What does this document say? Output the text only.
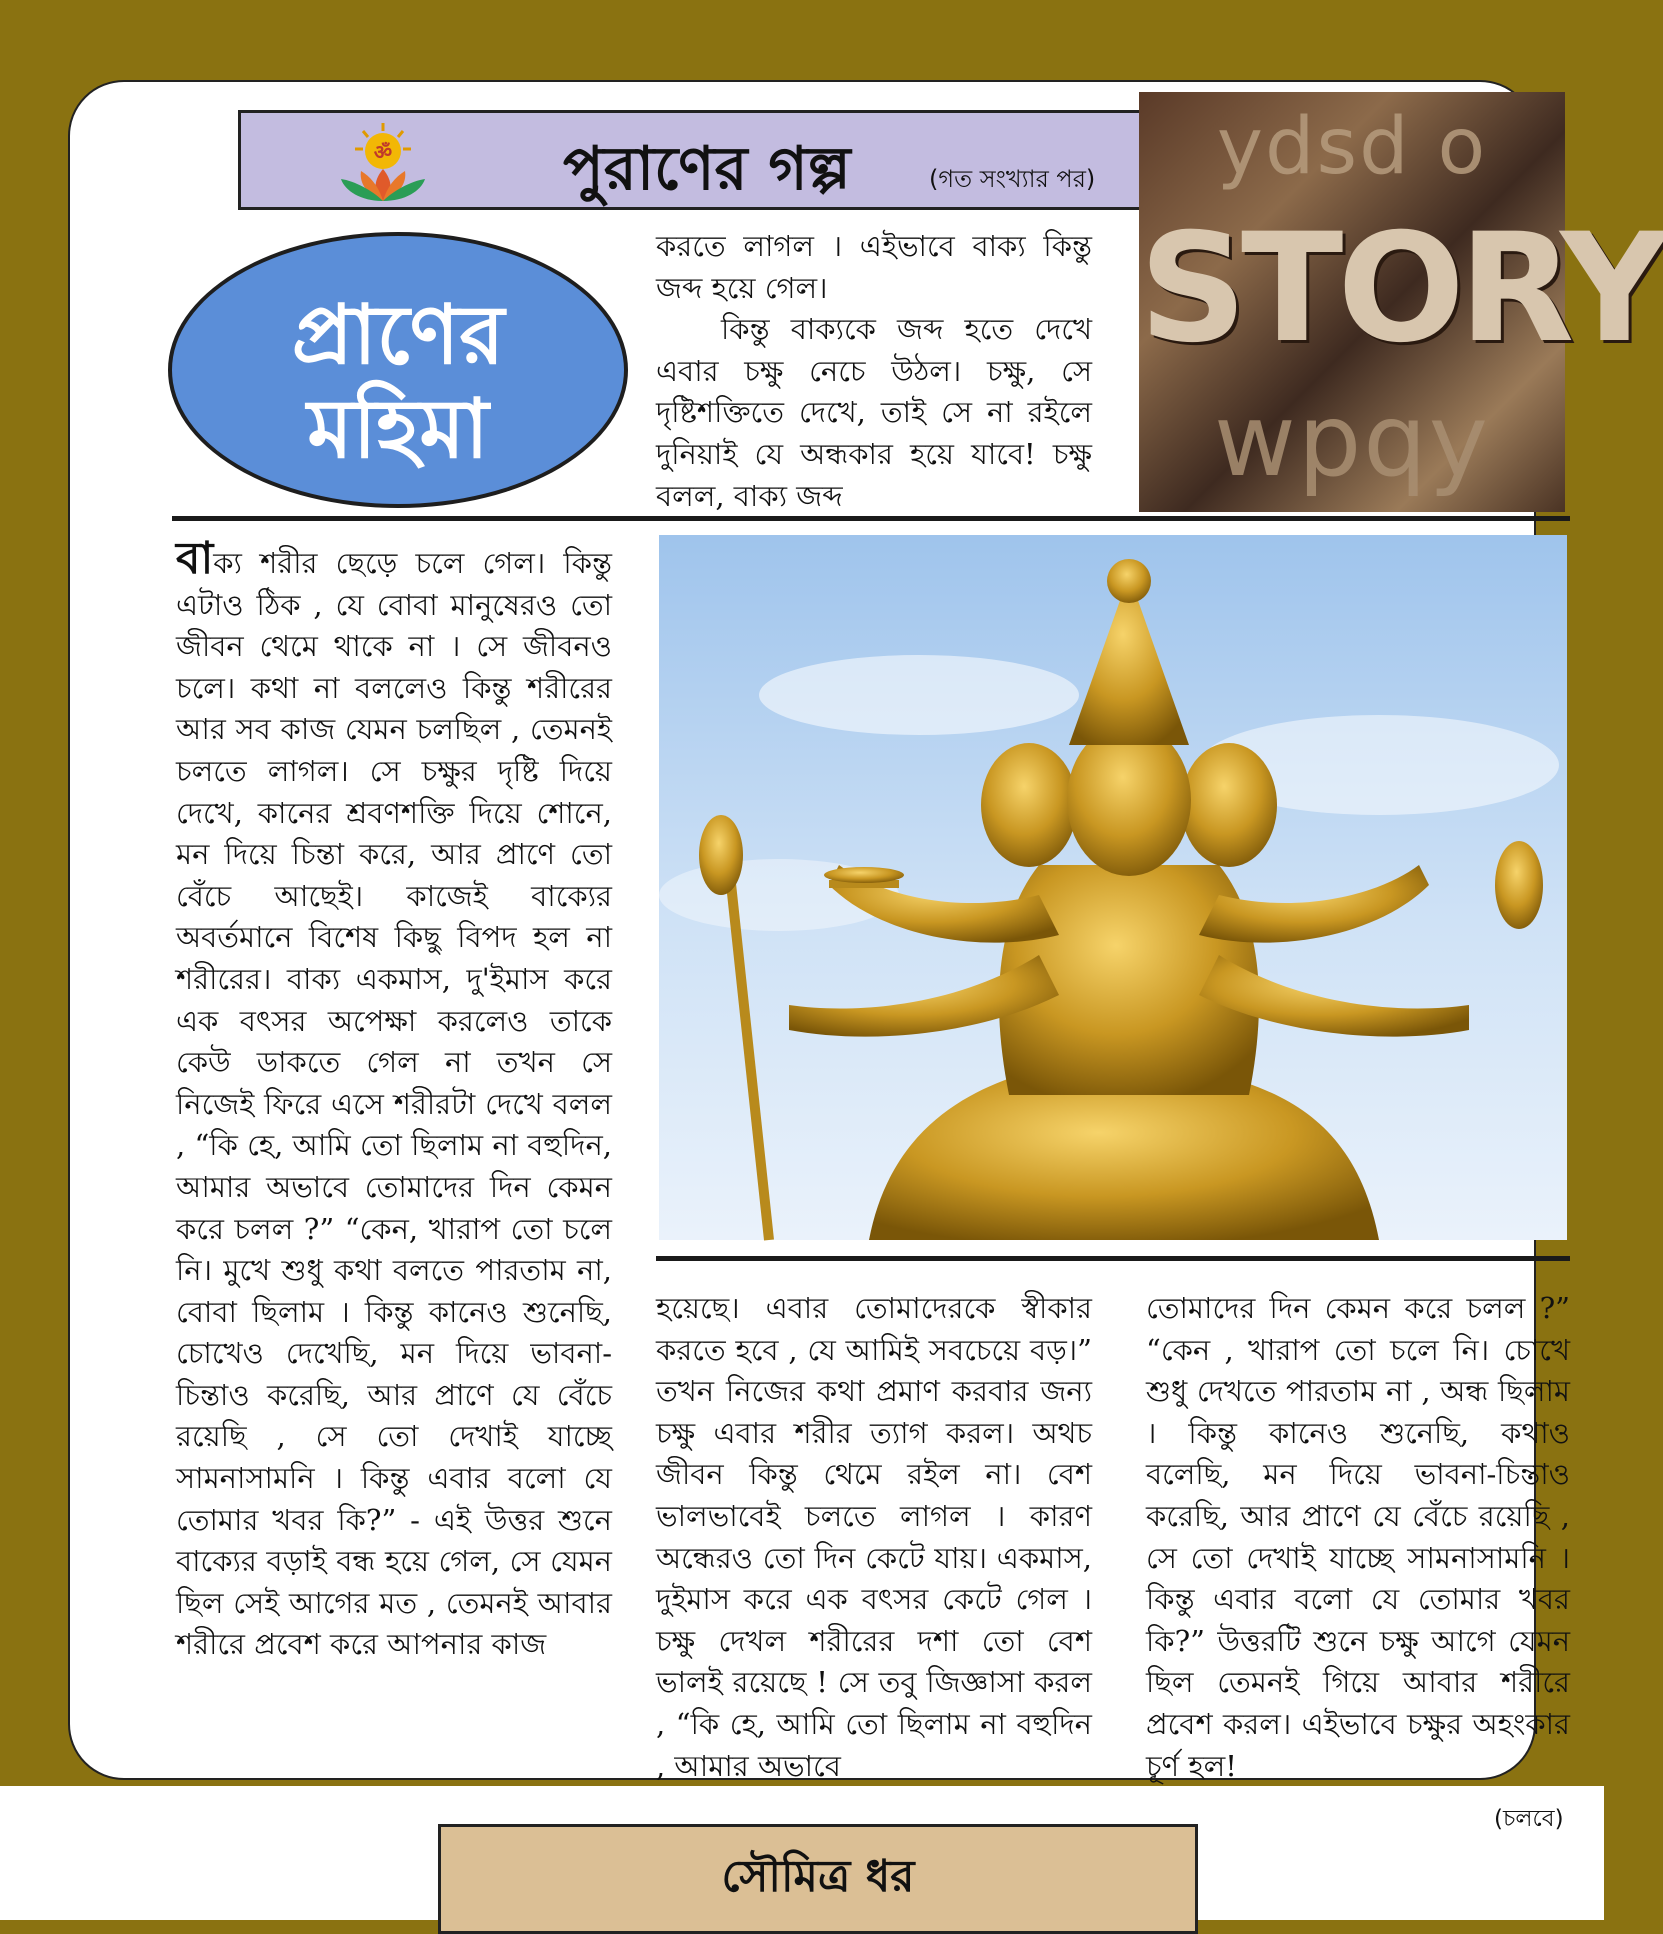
ॐ	পুরাণের গল্প	(গত সংখ্যার পর)	ydsd o
STORY
wpqy
প্রাণের
মহিমা

করতে লাগল । এইভাবে বাক্য কিন্তু জব্দ হয়ে গেল।

কিন্তু বাক্যকে জব্দ হতে দেখে এবার চক্ষু নেচে উঠল। চক্ষু, সে দৃষ্টিশক্তিতে দেখে, তাই সে না রইলে দুনিয়াই যে অন্ধকার হয়ে যাবে! চক্ষু বলল, বাক্য জব্দ

বাক্য শরীর ছেড়ে চলে গেল। কিন্তু এটাও ঠিক , যে বোবা মানুষেরও তো জীবন থেমে থাকে না । সে জীবনও চলে। কথা না বললেও কিন্তু শরীরের আর সব কাজ যেমন চলছিল , তেমনই চলতে লাগল। সে চক্ষুর দৃষ্টি দিয়ে দেখে, কানের শ্রবণশক্তি দিয়ে শোনে, মন দিয়ে চিন্তা করে, আর প্রাণে তো বেঁচে আছেই। কাজেই বাক্যের অবর্তমানে বিশেষ কিছু বিপদ হল না শরীরের। বাক্য একমাস, দু'ইমাস করে এক বৎসর অপেক্ষা করলেও তাকে কেউ ডাকতে গেল না তখন সে নিজেই ফিরে এসে শরীরটা দেখে বলল , “কি হে, আমি তো ছিলাম না বহুদিন, আমার অভাবে তোমাদের দিন কেমন করে চলল ?” “কেন, খারাপ তো চলে নি। মুখে শুধু কথা বলতে পারতাম না, বোবা ছিলাম । কিন্তু কানেও শুনেছি, চোখেও দেখেছি, মন দিয়ে ভাবনা-চিন্তাও করেছি, আর প্রাণে যে বেঁচে রয়েছি , সে তো দেখাই যাচ্ছে সামনাসামনি । কিন্তু এবার বলো যে তোমার খবর কি?” - এই উত্তর শুনে বাক্যের বড়াই বন্ধ হয়ে গেল, সে যেমন ছিল সেই আগের মত , তেমনই আবার শরীরে প্রবেশ করে আপনার কাজ

হয়েছে। এবার তোমাদেরকে স্বীকার করতে হবে , যে আমিই সবচেয়ে বড়।” তখন নিজের কথা প্রমাণ করবার জন্য চক্ষু এবার শরীর ত্যাগ করল। অথচ জীবন কিন্তু থেমে রইল না। বেশ ভালভাবেই চলতে লাগল । কারণ অন্ধেরও তো দিন কেটে যায়। একমাস, দুইমাস করে এক বৎসর কেটে গেল । চক্ষু দেখল শরীরের দশা তো বেশ ভালই রয়েছে ! সে তবু জিজ্ঞাসা করল , “কি হে, আমি তো ছিলাম না বহুদিন , আমার অভাবে

তোমাদের দিন কেমন করে চলল ?” “কেন , খারাপ তো চলে নি। চোখে শুধু দেখতে পারতাম না , অন্ধ ছিলাম । কিন্তু কানেও শুনেছি, কথাও বলেছি, মন দিয়ে ভাবনা-চিন্তাও করেছি, আর প্রাণে যে বেঁচে রয়েছি , সে তো দেখাই যাচ্ছে সামনাসামনি । কিন্তু এবার বলো যে তোমার খবর কি?” উত্তরটি শুনে চক্ষু আগে যেমন ছিল তেমনই গিয়ে আবার শরীরে প্রবেশ করল। এইভাবে চক্ষুর অহংকার চূর্ণ হল!

(চলবে)
সৌমিত্র ধর
